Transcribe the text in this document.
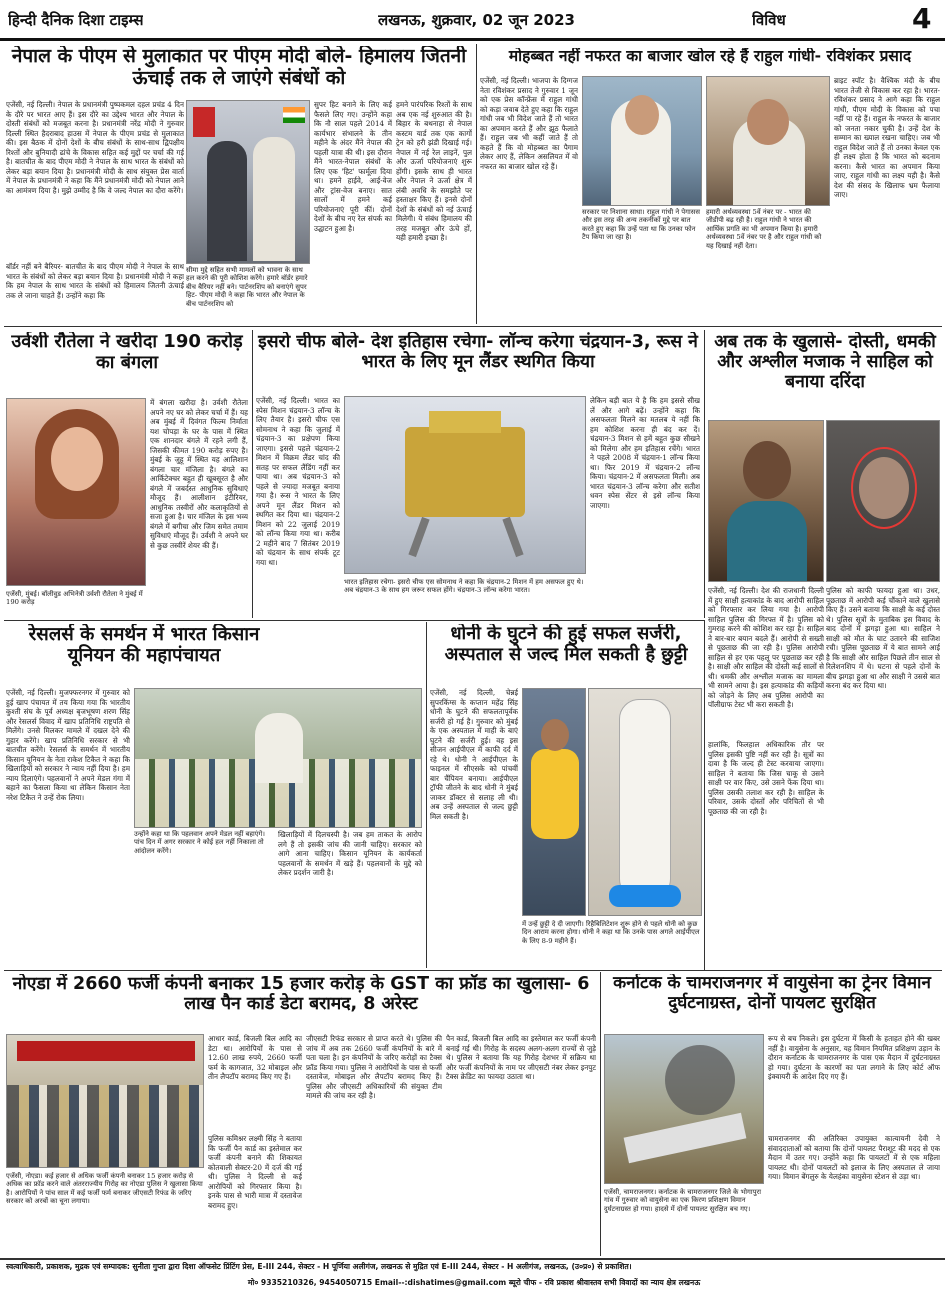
हिन्दी दैनिक दिशा टाइम्स	लखनऊ, शुक्रवार, 02 जून 2023	विविध	4
नेपाल के पीएम से मुलाकात पर पीएम मोदी बोले- हिमालय जितनी ऊंचाई तक ले जाएंगे संबंधों को
एजेंसी, नई दिल्ली। नेपाल के प्रधानमंत्री पुष्पकमल दहल प्रचंड 4 दिन के दौरे पर भारत आए हैं। इस दौरे का उद्देश्य भारत और नेपाल के दोस्ती संबंधों को मजबूत करना है। प्रधानमंत्री नरेंद्र मोदी ने गुरुवार दिल्ली स्थित हैदराबाद हाउस में नेपाल के पीएम प्रचंड से मुलाकात की। इस बैठक में दोनों देशों के बीच संबंधों के साथ-साथ द्विपक्षीय रिश्तों और बुनियादी ढांचे के विकास सहित कई मुद्दों पर चर्चा की गई है। बातचीत के बाद पीएम मोदी ने नेपाल के साथ भारत के संबंधों को लेकर बड़ा बयान दिया है। प्रधानमंत्री मोदी के साथ संयुक्त प्रेस वार्ता में नेपाल के प्रधानमंत्री ने कहा कि मैंने प्रधानमंत्री मोदी को नेपाल आने का आमंत्रण दिया है। मुझे उम्मीद है कि वे जल्द नेपाल का दौरा करेंगे।
बॉर्डर नहीं बने बैरियर- बातचीत के बाद पीएम मोदी ने नेपाल के साथ भारत के संबंधों को लेकर बड़ा बयान दिया है। प्रधानमंत्री मोदी ने कहा कि हम नेपाल के साथ भारत के संबंधों को हिमालय जितनी ऊंचाई तक ले जाना चाहते हैं। उन्होंने कहा कि
सीमा मुद्दे सहित सभी मामलों को भावना के साथ हल करने की पूरी कोशिश करेंगे। हमारे बॉर्डर हमारे बीच बैरियर नहीं बने। पार्टनरशिप को बनाएंगे सुपर हिट- पीएम मोदी ने कहा कि भारत और नेपाल के बीच पार्टनरशिप को
सुपर हिट बनाने के लिए कई फैसले लिए गए। उन्होंने कहा कि नौ साल पहले 2014 में कार्यभार संभालने के तीन महीने के अंदर मैंने नेपाल की पहली यात्रा की थी। इस दौरान मैंने भारत-नेपाल संबंधों के लिए एक 'हिट' फार्मूला दिया था। हमने हाईवे, आई-वेज और ट्रांस-वेज बनाए। सात सालों में हमने कई परियोजनाएं पूरी कीं। दोनों देशों के बीच नए रेल संपर्क का उद्घाटन हुआ है।
हमने पारंपरिक रिश्तों के साथ अब एक नई शुरुआत की है। बिहार के बथनाहा से नेपाल कस्टम यार्ड तक एक कार्गो ट्रेन को हरी झंडी दिखाई गई। नेपाल में नई रेल लाइनें, पुल और ऊर्जा परियोजनाएं शुरू होंगी। इसके साथ ही भारत और नेपाल ने ऊर्जा क्षेत्र में लंबी अवधि के समझौते पर हस्ताक्षर किए हैं। इनसे दोनों देशों के संबंधों को नई ऊंचाई मिलेगी। ये संबंध हिमालय की तरह मजबूत और ऊंचे हों, यही हमारी इच्छा है।
मोहब्बत नहीं नफरत का बाजार खोल रहे हैं राहुल गांधी- रविशंकर प्रसाद
एजेंसी, नई दिल्ली। भाजपा के दिग्गज नेता रविशंकर प्रसाद ने गुरुवार 1 जून को एक प्रेस कॉन्फ्रेंस में राहुल गांधी को कड़ा जवाब देते हुए कहा कि राहुल गांधी जब भी विदेश जाते हैं तो भारत का अपमान करते हैं और झूठ फैलाते हैं। राहुल जब भी कहीं जाते हैं तो कहते हैं कि वो मोहब्बत का पैगाम लेकर आए हैं, लेकिन असलियत में वो नफरत का बाजार खोल रहे हैं।
सरकार पर निशाना साधा। राहुल गांधी ने पेगासस और इस तरह की अन्य तकनीकों मुद्दे पर बात करते हुए कहा कि उन्हें पता था कि उनका फोन टैप किया जा रहा है।
हमारी अर्थव्यवस्था 5वें नंबर पर - भारत की जीडीपी बढ़ रही है। राहुल गांधी ने भारत की आर्थिक प्रगति का भी अपमान किया है। हमारी अर्थव्यवस्था 5वें नंबर पर है और राहुल गांधी को यह दिखाई नहीं देता।
ब्राइट स्पॉट है। वैश्विक मंदी के बीच भारत तेजी से विकास कर रहा है। भारत-रविशंकर प्रसाद ने आगे कहा कि राहुल गांधी, पीएम मोदी के विकास को पचा नहीं पा रहे हैं। राहुल के नफरत के बाजार को जनता नकार चुकी है। उन्हें देश के सम्मान का ख्याल रखना चाहिए। जब भी राहुल विदेश जाते हैं तो उनका केवल एक ही लक्ष्य होता है कि भारत को बदनाम करना। कैसे भारत का अपमान किया जाए, राहुल गांधी का लक्ष्य यही है। कैसे देश की संसद के खिलाफ भ्रम फैलाया जाए।
उर्वशी रौतेला ने खरीदा 190 करोड़ का बंगला
एजेंसी, मुंबई। बॉलीवुड अभिनेत्री उर्वशी रौतेला ने मुंबई में 190 करोड़
में बंगला खरीदा है। उर्वशी रौतेला अपने नए घर को लेकर चर्चा में हैं। यह अब मुंबई में दिवंगत फिल्म निर्माता यश चोपड़ा के घर के पास में स्थित एक शानदार बंगले में रहने लगी हैं, जिसकी कीमत 190 करोड़ रुपए है। मुंबई के जुहू में स्थित यह आलिशान बंगला चार मंजिला है। बंगले का आर्किटेक्चर बहुत ही खूबसूरत है और बंगले में जबर्दस्त आधुनिक सुविधाएं मौजूद हैं। आलीशान इंटीरियर, आधुनिक तस्वीरों और कलाकृतियों से सजा हुआ है। चार मंजिल के इस भव्य बंगले में बगीचा और जिम समेत तमाम सुविधाएं मौजूद हैं। उर्वशी ने अपने घर से कुछ तस्वीरें शेयर की हैं।
इसरो चीफ बोले- देश इतिहास रचेगा- लॉन्च करेगा चंद्रयान-3, रूस ने भारत के लिए मून लैंडर स्थगित किया
एजेंसी, नई दिल्ली। भारत का स्पेस मिशन चंद्रयान-3 लॉन्च के लिए तैयार है। इसरो चीफ एस सोमनाथ ने कहा कि जुलाई में चंद्रयान-3 का प्रक्षेपण किया जाएगा। इससे पहले चंद्रयान-2 मिशन में विक्रम लैंडर चांद की सतह पर सफल लैंडिंग नहीं कर पाया था। अब चंद्रयान-3 को पहले से ज्यादा मजबूत बनाया गया है। रूस ने भारत के लिए अपने मून लैंडर मिशन को स्थगित कर दिया था। चंद्रयान-2 मिशन को 22 जुलाई 2019 को लॉन्च किया गया था। करीब 2 महीने बाद 7 सितंबर 2019 को चंद्रयान के साथ संपर्क टूट गया था।
भारत इतिहास रचेगा- इसरो चीफ एस सोमनाथ ने कहा कि चंद्रयान-2 मिशन में हम असफल हुए थे। अब चंद्रयान-3 के साथ हम जरूर सफल होंगे। चंद्रयान-3 लॉन्च करेगा भारत।
लेकिन बड़ी बात ये है कि हम इससे सीख लें और आगे बढ़ें। उन्होंने कहा कि असफलता मिलने का मतलब ये नहीं कि हम कोशिश करना ही बंद कर दें। चंद्रयान-3 मिशन से हमें बहुत कुछ सीखने को मिलेगा और हम इतिहास रचेंगे। भारत ने पहले 2008 में चंद्रयान-1 लॉन्च किया था। फिर 2019 में चंद्रयान-2 लॉन्च किया। चंद्रयान-2 में असफलता मिली। अब भारत चंद्रयान-3 लॉन्च करेगा और सतीश धवन स्पेस सेंटर से इसे लॉन्च किया जाएगा।
अब तक के खुलासे- दोस्ती, धमकी और अश्लील मजाक ने साहिल को बनाया दरिंदा
एजेंसी, नई दिल्ली। देश की राजधानी दिल्ली में हुए साक्षी हत्याकांड के बाद आरोपी साहिल को गिरफ्तार कर लिया गया है। आरोपी साहिल पुलिस की गिरफ्त में है। पुलिस को गुमराह करने की कोशिश कर रहा है। साहिल ने बार-बार बयान बदले हैं। आरोपी से सख्ती से पूछताछ की जा रही है। पुलिस आरोपी साहिल से हर एक पहलू पर पूछताछ कर रही है। साक्षी और साहिल की दोस्ती कई सालों से थी। धमकी और अश्लील मजाक का मामला भी सामने आया है। इस हत्याकांड की कड़ियों को जोड़ने के लिए अब पुलिस आरोपी का पॉलीग्राफ टेस्ट भी करा सकती है।
पुलिस को काफी फायदा हुआ था। उधर, पूछताछ में आरोपी कई चौंकाने वाले खुलासे किए हैं। उसने बताया कि साक्षी के कई दोस्त थे। पुलिस सूत्रों के मुताबिक इस विवाद के बाद दोनों में झगड़ा हुआ था। साहिल ने साक्षी को मौत के घाट उतारने की साजिश रची। पुलिस पूछताछ में ये बात सामने आई है कि साक्षी और साहिल पिछले तीन साल से रिलेशनशिप में थे। घटना से पहले दोनों के बीच झगड़ा हुआ था और साक्षी ने उससे बात करना बंद कर दिया था।
हालांकि, फिलहाल अधिकारिक तौर पर पुलिस इसकी पुष्टि नहीं कर रही है। सूत्रों का दावा है कि जल्द ही टेस्ट करवाया जाएगा। साहिल ने बताया कि जिस चाकू से उसने साक्षी पर वार किए, उसे उसने फेंक दिया था। पुलिस उसकी तलाश कर रही है। साहिल के परिवार, उसके दोस्तों और परिचितों से भी पूछताछ की जा रही है।
रेसलर्स के समर्थन में भारत किसान यूनियन की महापंचायत
एजेंसी, नई दिल्ली। मुजफ्फरनगर में गुरुवार को हुई खाप पंचायत में तय किया गया कि भारतीय कुश्ती संघ के पूर्व अध्यक्ष बृजभूषण शरण सिंह और रेसलर्स विवाद में खाप प्रतिनिधि राष्ट्रपति से मिलेंगे। उनसे मिलकर मामले में दखल देने की गुहार करेंगे। खाप प्रतिनिधि सरकार से भी बातचीत करेंगे। रेसलर्स के समर्थन में भारतीय किसान यूनियन के नेता राकेश टिकैत ने कहा कि खिलाड़ियों को सरकार ने न्याय नहीं दिया है। हम न्याय दिलाएंगे। पहलवानों ने अपने मेडल गंगा में बहाने का फैसला किया था लेकिन किसान नेता नरेश टिकैत ने उन्हें रोक लिया।
उन्होंने कहा था कि पहलवान अपने मेडल नहीं बहाएंगे। पांच दिन में अगर सरकार ने कोई हल नहीं निकाला तो आंदोलन करेंगे।
खिलाड़ियों में दिलचस्पी है। जब हम ताकत के आरोप लगे हैं तो इसकी जांच की जानी चाहिए। सरकार को आगे आना चाहिए। किसान यूनियन के कार्यकर्ता पहलवानों के समर्थन में खड़े हैं। पहलवानों के मुद्दे को लेकर प्रदर्शन जारी है।
धोनी के घुटने की हुई सफल सर्जरी, अस्पताल से जल्द मिल सकती है छुट्टी
एजेंसी, नई दिल्ली, चेन्नई सुपरकिंग्स के कप्तान महेंद्र सिंह धोनी के घुटने की सफलतापूर्वक सर्जरी हो गई है। गुरुवार को मुंबई के एक अस्पताल में माही के बाएं घुटने की सर्जरी हुई। वह इस सीजन आईपीएल में काफी दर्द में रहे थे। धोनी ने आईपीएल के फाइनल में सीएसके को पांचवीं बार चैंपियन बनाया। आईपीएल ट्रॉफी जीतने के बाद धोनी ने मुंबई जाकर डॉक्टर से सलाह ली थी। अब उन्हें अस्पताल से जल्द छुट्टी मिल सकती है।
में उन्हें छुट्टी दे दी जाएगी। रिहैबिलिटेशन शुरू होने से पहले धोनी को कुछ दिन आराम करना होगा। धोनी ने कहा था कि उनके पास अगले आईपीएल के लिए 8-9 महीने हैं।
नोएडा में 2660 फर्जी कंपनी बनाकर 15 हजार करोड़ के GST का फ्रॉड का खुलासा- 6 लाख पैन कार्ड डेटा बरामद, 8 अरेस्ट
एजेंसी, नोएडा। कई हजार से अधिक फर्जी कंपनी बनाकर 15 हजार करोड़ से अधिक का फ्रॉड करने वाले अंतरराज्यीय गिरोह का नोएडा पुलिस ने खुलासा किया है। आरोपियों ने पांच साल में कई फर्जी फर्म बनाकर जीएसटी रिफंड के जरिए सरकार को अरबों का चूना लगाया।
आधार कार्ड, बिजली बिल आदि का डेटा था। आरोपियों के पास से 12.60 लाख रुपये, 2660 फर्जी फर्म के कागजात, 32 मोबाइल और तीन लैपटॉप बरामद किए गए हैं।
पुलिस कमिश्नर लक्ष्मी सिंह ने बताया कि फर्जी पैन कार्ड का इस्तेमाल कर फर्जी कंपनी बनाने की शिकायत कोतवाली सेक्टर-20 में दर्ज की गई थी। पुलिस ने दिल्ली से कई आरोपियों को गिरफ्तार किया है। इनके पास से भारी मात्रा में दस्तावेज बरामद हुए।
जीएसटी रिफंड सरकार से प्राप्त करते थे। पुलिस की जांच में अब तक 2660 फर्जी कंपनियों के बारे में पता चला है। इन कंपनियों के जरिए करोड़ों का टैक्स फ्रॉड किया गया। पुलिस ने आरोपियों के पास से फर्जी दस्तावेज, मोबाइल और लैपटॉप बरामद किए हैं। पुलिस और जीएसटी अधिकारियों की संयुक्त टीम मामले की जांच कर रही है।
पैन कार्ड, बिजली बिल आदि का इस्तेमाल कर फर्जी कंपनी बनाई गई थी। गिरोह के सदस्य अलग-अलग राज्यों से जुड़े थे। पुलिस ने बताया कि यह गिरोह देशभर में सक्रिय था और फर्जी कंपनियों के नाम पर जीएसटी नंबर लेकर इनपुट टैक्स क्रेडिट का फायदा उठाता था।
कर्नाटक के चामराजनगर में वायुसेना का ट्रेनर विमान दुर्घटनाग्रस्त, दोनों पायलट सुरक्षित
रूप से बच निकले। इस दुर्घटना में किसी के हताहत होने की खबर नहीं है। वायुसेना के अनुसार, यह विमान नियमित प्रशिक्षण उड़ान के दौरान कर्नाटक के चामराजनगर के पास एक मैदान में दुर्घटनाग्रस्त हो गया। दुर्घटना के कारणों का पता लगाने के लिए कोर्ट ऑफ इंक्वायरी के आदेश दिए गए हैं।
चामराजनगर की अतिरिक्त उपायुक्त कात्यायनी देवी ने संवाददाताओं को बताया कि दोनों पायलट पैराशूट की मदद से एक मैदान में उतर गए। उन्होंने कहा कि पायलटों में से एक महिला पायलट थी। दोनों पायलटों को इलाज के लिए अस्पताल ले जाया गया। विमान बेंगलुरु के येलहंका वायुसेना स्टेशन से उड़ा था।
एजेंसी, चामराजनगर। कर्नाटक के चामराजनगर जिले के भोगापुरा गांव में गुरुवार को वायुसेना का एक किरण प्रशिक्षण विमान दुर्घटनाग्रस्त हो गया। हादसे में दोनों पायलट सुरक्षित बच गए।
स्वत्वाधिकारी, प्रकाशक, मुद्रक एवं सम्पादक: सुनीता गुप्ता द्वारा दिशा ऑफसेट प्रिंटिंग प्रेस, E-III 244, सेक्टर - H पूर्णिया अलीगंज, लखनऊ से मुद्रित एवं E-III 244, सेक्टर - H अलीगंज, लखनऊ, (उ०प्र०) से प्रकाशित।
मो० 9335210326, 9454050715 Email--:dishatimes@gmail.com ब्यूरो चीफ - रवि प्रकाश श्रीवास्तव सभी विवादों का न्याय क्षेत्र लखनऊ
